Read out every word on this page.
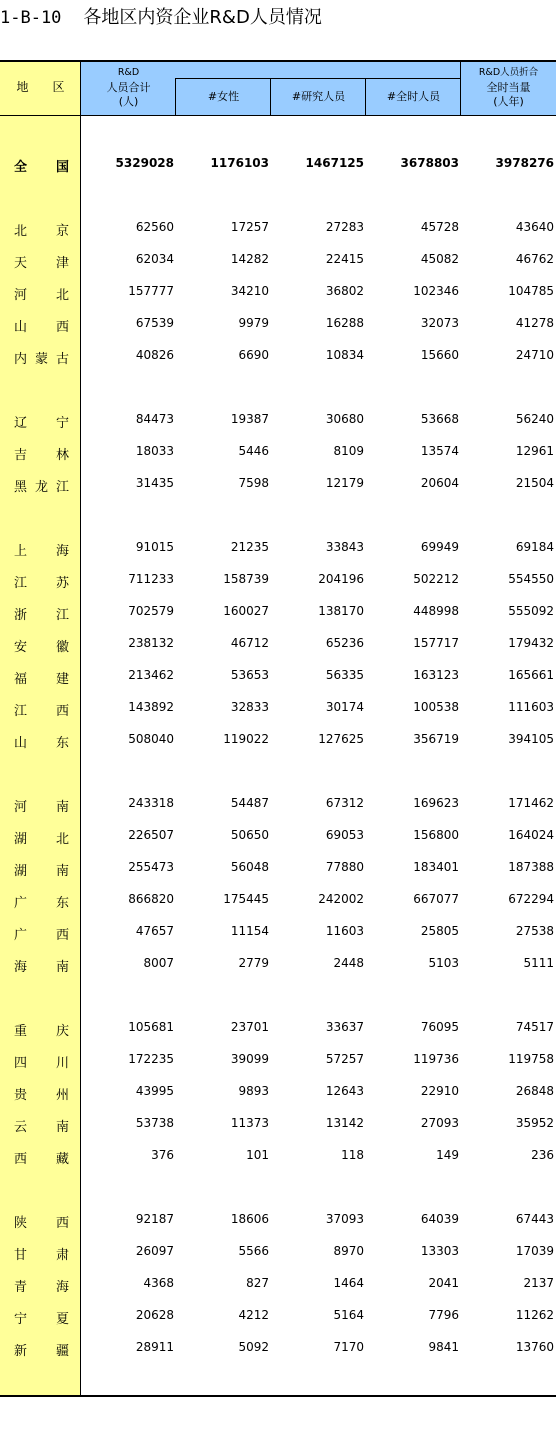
1-B-10 各地区内资企业R&D人员情况
地　　区
R&D
人员合计
(人)	#女性	#研究人员	#全时人员
R&D人员折合
全时当量
(人年)
全 国	5329028	1176103	1467125	3678803	3978276
北 京	62560	17257	27283	45728	43640
天 津	62034	14282	22415	45082	46762
河 北	157777	34210	36802	102346	104785
山 西	67539	9979	16288	32073	41278
内 蒙 古	40826	6690	10834	15660	24710
辽 宁	84473	19387	30680	53668	56240
吉 林	18033	5446	8109	13574	12961
黑 龙 江	31435	7598	12179	20604	21504
上 海	91015	21235	33843	69949	69184
江 苏	711233	158739	204196	502212	554550
浙 江	702579	160027	138170	448998	555092
安 徽	238132	46712	65236	157717	179432
福 建	213462	53653	56335	163123	165661
江 西	143892	32833	30174	100538	111603
山 东	508040	119022	127625	356719	394105
河 南	243318	54487	67312	169623	171462
湖 北	226507	50650	69053	156800	164024
湖 南	255473	56048	77880	183401	187388
广 东	866820	175445	242002	667077	672294
广 西	47657	11154	11603	25805	27538
海 南	8007	2779	2448	5103	5111
重 庆	105681	23701	33637	76095	74517
四 川	172235	39099	57257	119736	119758
贵 州	43995	9893	12643	22910	26848
云 南	53738	11373	13142	27093	35952
西 藏	376	101	118	149	236
陕 西	92187	18606	37093	64039	67443
甘 肃	26097	5566	8970	13303	17039
青 海	4368	827	1464	2041	2137
宁 夏	20628	4212	5164	7796	11262
新 疆	28911	5092	7170	9841	13760
